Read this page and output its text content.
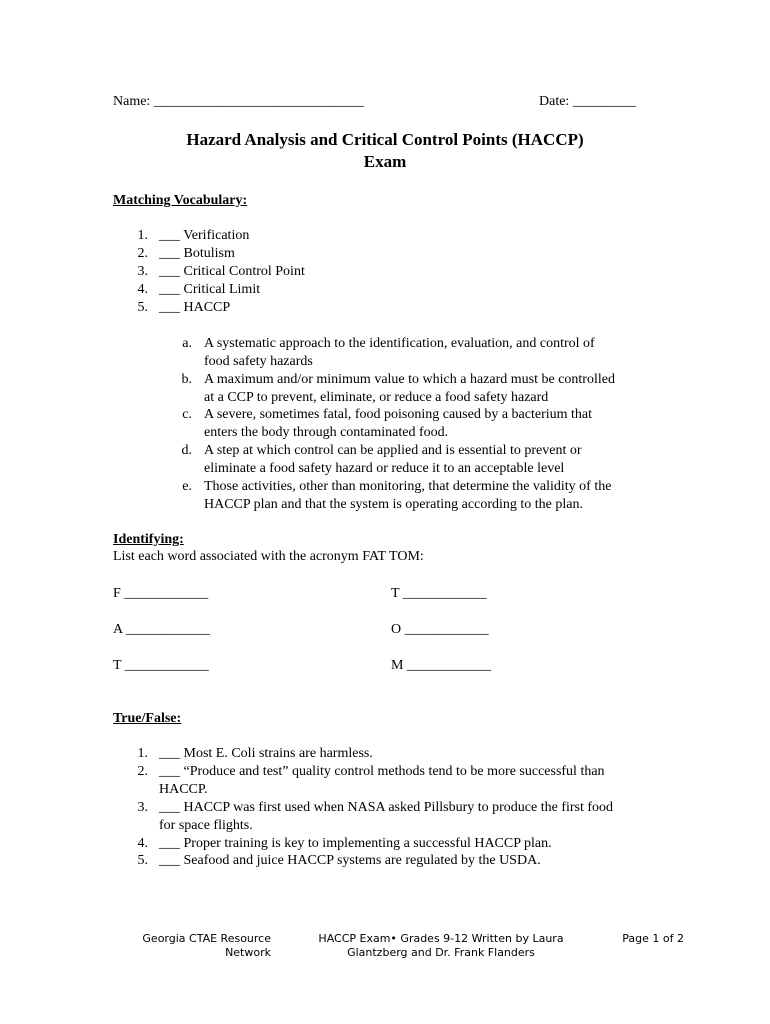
Name: ______________________________	Date: _________
Hazard Analysis and Critical Control Points (HACCP)
Exam
Matching Vocabulary:
1. ___ Verification
2. ___ Botulism
3. ___ Critical Control Point
4. ___ Critical Limit
5. ___ HACCP
a. A systematic approach to the identification, evaluation, and control of
food safety hazards
b. A maximum and/or minimum value to which a hazard must be controlled
at a CCP to prevent, eliminate, or reduce a food safety hazard
c. A severe, sometimes fatal, food poisoning caused by a bacterium that
enters the body through contaminated food.
d. A step at which control can be applied and is essential to prevent or
eliminate a food safety hazard or reduce it to an acceptable level
e. Those activities, other than monitoring, that determine the validity of the
HACCP plan and that the system is operating according to the plan.
Identifying:
List each word associated with the acronym FAT TOM:
F ____________
A ____________
T ____________
T ____________
O ____________
M ____________
True/False:
1. ___ Most E. Coli strains are harmless.
2. ___ “Produce and test” quality control methods tend to be more successful than
HACCP.
3. ___ HACCP was first used when NASA asked Pillsbury to produce the first food
for space flights.
4. ___ Proper training is key to implementing a successful HACCP plan.
5. ___ Seafood and juice HACCP systems are regulated by the USDA.
Georgia CTAE Resource
Network
HACCP Exam• Grades 9-12 Written by Laura
Glantzberg and Dr. Frank Flanders
Page 1 of 2
